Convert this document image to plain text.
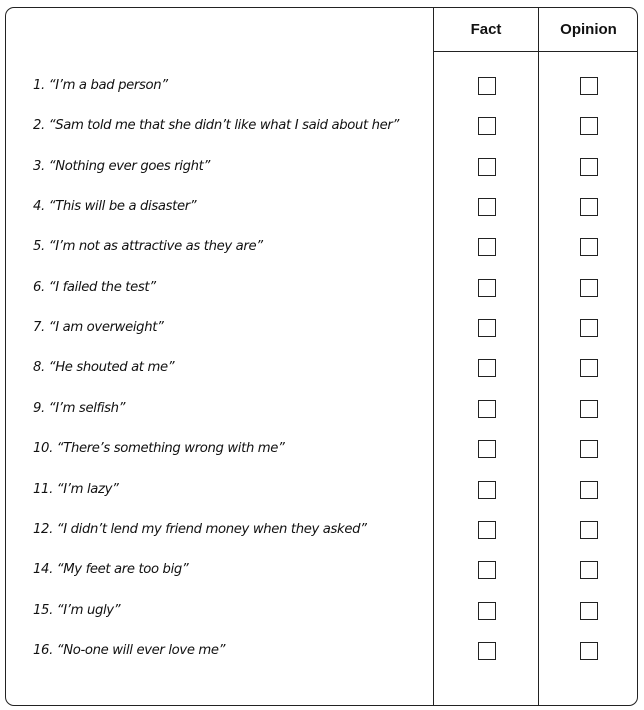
Fact	Opinion
1. “I’m a bad person”
2. “Sam told me that she didn’t like what I said about her”
3. “Nothing ever goes right”
4. “This will be a disaster”
5. “I’m not as attractive as they are”
6. “I failed the test”
7. “I am overweight”
8. “He shouted at me”
9. “I’m selfish”
10. “There’s something wrong with me”
11. “I’m lazy”
12. “I didn’t lend my friend money when they asked”
14. “My feet are too big”
15. “I’m ugly”
16. “No-one will ever love me”
